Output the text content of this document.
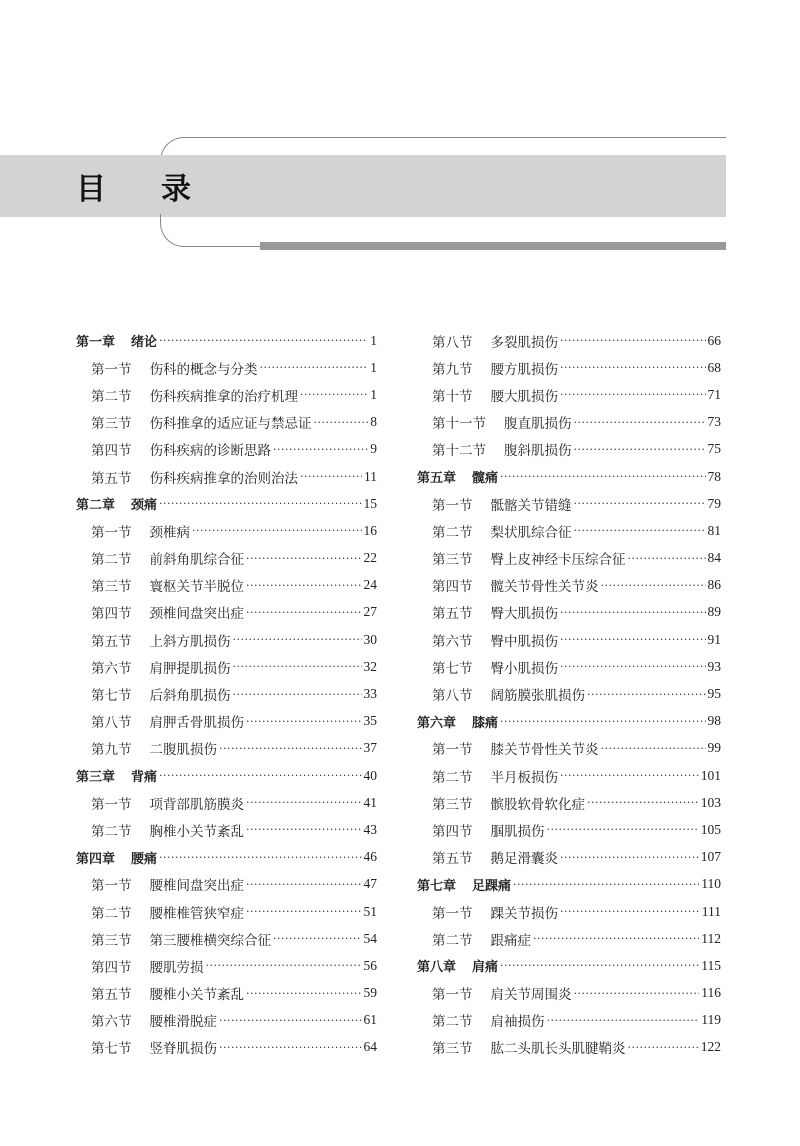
目 录
第一章 绪论 ·····	1
第一节 伤科的概念与分类 ·····	1
第二节 伤科疾病推拿的治疗机理 ·····	1
第三节 伤科推拿的适应证与禁忌证 ·····	8
第四节 伤科疾病的诊断思路 ·····	9
第五节 伤科疾病推拿的治则治法 ·····	11
第二章 颈痛 ·····	15
第一节 颈椎病 ·····	16
第二节 前斜角肌综合征 ·····	22
第三节 寰枢关节半脱位 ·····	24
第四节 颈椎间盘突出症 ·····	27
第五节 上斜方肌损伤 ·····	30
第六节 肩胛提肌损伤 ·····	32
第七节 后斜角肌损伤 ·····	33
第八节 肩胛舌骨肌损伤 ·····	35
第九节 二腹肌损伤 ·····	37
第三章 背痛 ·····	40
第一节 项背部肌筋膜炎 ·····	41
第二节 胸椎小关节紊乱 ·····	43
第四章 腰痛 ·····	46
第一节 腰椎间盘突出症 ·····	47
第二节 腰椎椎管狭窄症 ·····	51
第三节 第三腰椎横突综合征 ·····	54
第四节 腰肌劳损 ·····	56
第五节 腰椎小关节紊乱 ·····	59
第六节 腰椎滑脱症 ·····	61
第七节 竖脊肌损伤 ·····	64
第八节 多裂肌损伤 ·····	66
第九节 腰方肌损伤 ·····	68
第十节 腰大肌损伤 ·····	71
第十一节 腹直肌损伤 ·····	73
第十二节 腹斜肌损伤 ·····	75
第五章 髋痛 ·····	78
第一节 骶髂关节错缝 ·····	79
第二节 梨状肌综合征 ·····	81
第三节 臀上皮神经卡压综合征 ·····	84
第四节 髋关节骨性关节炎 ·····	86
第五节 臀大肌损伤 ·····	89
第六节 臀中肌损伤 ·····	91
第七节 臀小肌损伤 ·····	93
第八节 阔筋膜张肌损伤 ·····	95
第六章 膝痛 ·····	98
第一节 膝关节骨性关节炎 ·····	99
第二节 半月板损伤 ·····	101
第三节 髌股软骨软化症 ·····	103
第四节 腘肌损伤 ·····	105
第五节 鹅足滑囊炎 ·····	107
第七章 足踝痛 ·····	110
第一节 踝关节损伤 ·····	111
第二节 跟痛症 ·····	112
第八章 肩痛 ·····	115
第一节 肩关节周围炎 ·····	116
第二节 肩袖损伤 ·····	119
第三节 肱二头肌长头肌腱鞘炎 ·····	122
